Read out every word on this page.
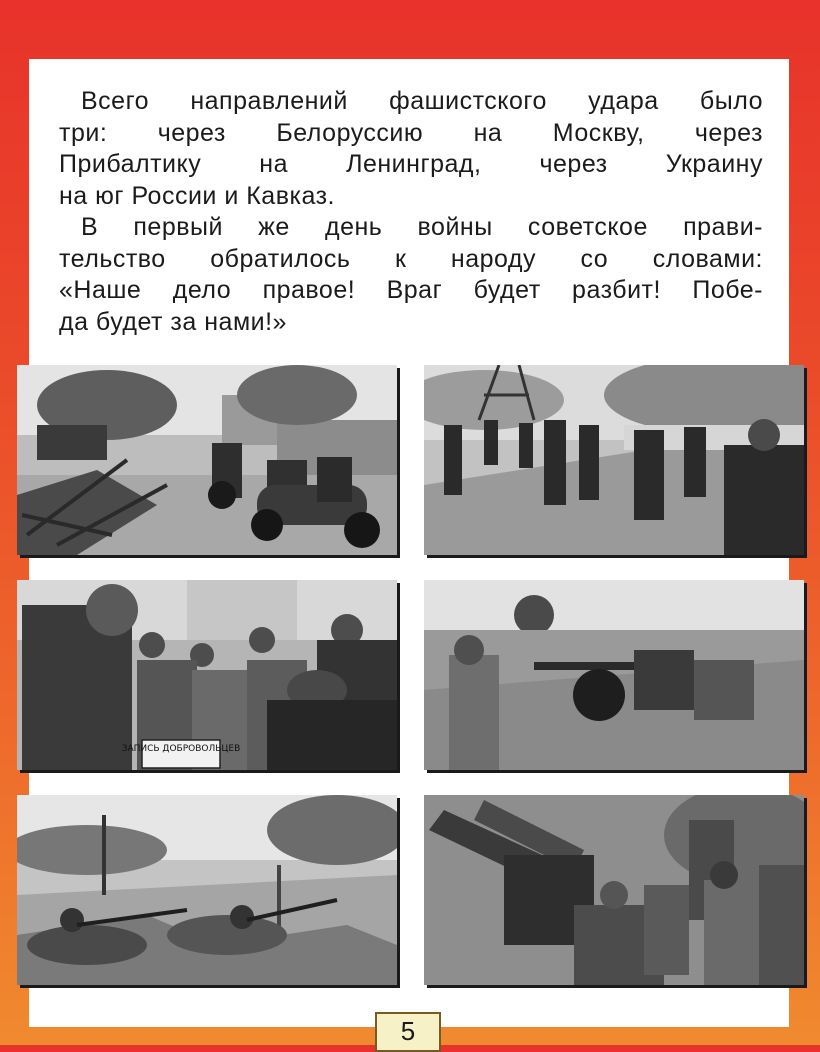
Всего направлений фашистского удара было
три: через Белоруссию на Москву, через
Прибалтику на Ленинград, через Украину
на юг России и Кавказ.

В первый же день войны советское прави-
тельство обратилось к народу со словами:
«Наше дело правое! Враг будет разбит! Побе-
да будет за нами!»

ЗАПИСЬ ДОБРОВОЛЬЦЕВ
5
